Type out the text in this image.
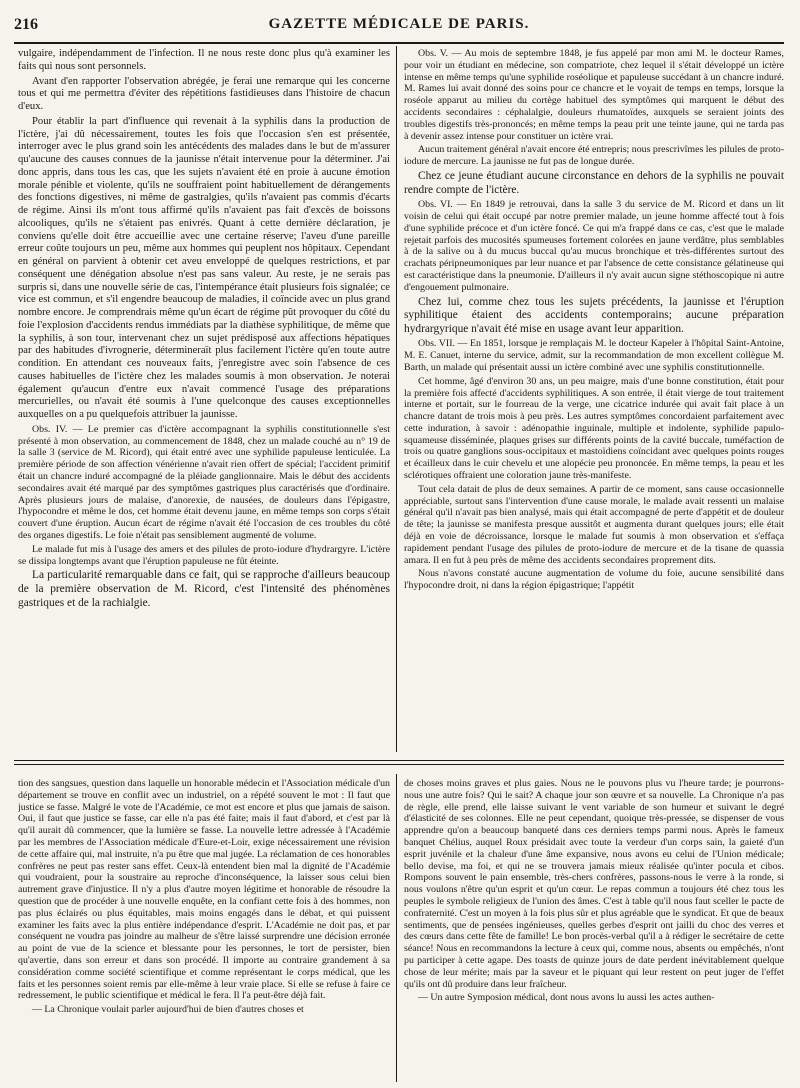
216	GAZETTE MÉDICALE DE PARIS.

vulgaire, indépendamment de l'infection. Il ne nous reste donc plus qu'à examiner les faits qui nous sont personnels.

Avant d'en rapporter l'observation abrégée, je ferai une remarque qui les concerne tous et qui me permettra d'éviter des répétitions fastidieuses dans l'histoire de chacun d'eux.

Pour établir la part d'influence qui revenait à la syphilis dans la production de l'ictère, j'ai dû nécessairement, toutes les fois que l'occasion s'en est présentée, interroger avec le plus grand soin les antécédents des malades dans le but de m'assurer qu'aucune des causes connues de la jaunisse n'était intervenue pour la déterminer. J'ai donc appris, dans tous les cas, que les sujets n'avaient été en proie à aucune émotion morale pénible et violente, qu'ils ne souffraient point habituellement de dérangements des fonctions digestives, ni même de gastralgies, qu'ils n'avaient pas commis d'écarts de régime. Ainsi ils m'ont tous affirmé qu'ils n'avaient pas fait d'excès de boissons alcooliques, qu'ils ne s'étaient pas enivrés. Quant à cette dernière déclaration, je conviens qu'elle doit être accueillie avec une certaine réserve; l'aveu d'une pareille erreur coûte toujours un peu, même aux hommes qui peuplent nos hôpitaux. Cependant en général on parvient à obtenir cet aveu enveloppé de quelques restrictions, et par conséquent une dénégation absolue n'est pas sans valeur. Au reste, je ne serais pas surpris si, dans une nouvelle série de cas, l'intempérance était plusieurs fois signalée; ce vice est commun, et s'il engendre beaucoup de maladies, il coïncide avec un plus grand nombre encore. Je comprendrais même qu'un écart de régime pût provoquer du côté du foie l'explosion d'accidents rendus immédiats par la diathèse syphilitique, de même que la syphilis, à son tour, intervenant chez un sujet prédisposé aux affections hépatiques par des habitudes d'ivrognerie, détermineraït plus facilement l'ictère qu'en toute autre condition. En attendant ces nouveaux faits, j'enregistre avec soin l'absence de ces causes habituelles de l'ictère chez les malades soumis à mon observation. Je noterai également qu'aucun d'entre eux n'avait commencé l'usage des préparations mercurielles, ou n'avait été soumis à l'une quelconque des causes exceptionnelles auxquelles on a pu quelquefois attribuer la jaunisse.

Obs. IV. — Le premier cas d'ictère accompagnant la syphilis constitutionnelle s'est présenté à mon observation, au commencement de 1848, chez un malade couché au n° 19 de la salle 3 (service de M. Ricord), qui était entré avec une syphilide papuleuse lenticulée. La première période de son affection vénérienne n'avait rien offert de spécial; l'accident primitif était un chancre induré accompagné de la pléiade ganglionnaire. Mais le début des accidents secondaires avait été marqué par des symptômes gastriques plus caractérisés que d'ordinaire. Après plusieurs jours de malaise, d'anorexie, de nausées, de douleurs dans l'épigastre, l'hypocondre et même le dos, cet homme était devenu jaune, en même temps son corps s'était couvert d'une éruption. Aucun écart de régime n'avait été l'occasion de ces troubles du côté des organes digestifs. Le foie n'était pas sensiblement augmenté de volume.

Le malade fut mis à l'usage des amers et des pilules de proto-iodure d'hydrargyre. L'ictère se dissipa longtemps avant que l'éruption papuleuse ne fût éteinte.

La particularité remarquable dans ce fait, qui se rapproche d'ailleurs beaucoup de la première observation de M. Ricord, c'est l'intensité des phénomènes gastriques et de la rachialgie.

Obs. V. — Au mois de septembre 1848, je fus appelé par mon ami M. le docteur Rames, pour voir un étudiant en médecine, son compatriote, chez lequel il s'était développé un ictère intense en même temps qu'une syphilide roséolique et papuleuse succédant à un chancre induré. M. Rames lui avait donné des soins pour ce chancre et le voyait de temps en temps, lorsque la roséole apparut au milieu du cortège habituel des symptômes qui marquent le début des accidents secondaires : céphalalgie, douleurs rhumatoïdes, auxquels se seraient joints des troubles digestifs très-prononcés; en même temps la peau prit une teinte jaune, qui ne tarda pas à devenir assez intense pour constituer un ictère vrai.

Aucun traitement général n'avait encore été entrepris; nous prescrivîmes les pilules de proto-iodure de mercure. La jaunisse ne fut pas de longue durée.

Chez ce jeune étudiant aucune circonstance en dehors de la syphilis ne pouvait rendre compte de l'ictère.

Obs. VI. — En 1849 je retrouvai, dans la salle 3 du service de M. Ricord et dans un lit voisin de celui qui était occupé par notre premier malade, un jeune homme affecté tout à fois d'une syphilide précoce et d'un ictère foncé. Ce qui m'a frappé dans ce cas, c'est que le malade rejetait parfois des mucosités spumeuses fortement colorées en jaune verdâtre, plus semblables à de la salive ou à du mucus buccal qu'au mucus bronchique et très-différentes surtout des crachats péripneumoniques par leur nuance et par l'absence de cette consistance gélatineuse qui est caractéristique dans la pneumonie. D'ailleurs il n'y avait aucun signe stéthoscopique ni autre d'engouement pulmonaire.

Chez lui, comme chez tous les sujets précédents, la jaunisse et l'éruption syphilitique étaient des accidents contemporains; aucune préparation hydrargyrique n'avait été mise en usage avant leur apparition.

Obs. VII. — En 1851, lorsque je remplaçais M. le docteur Kapeler à l'hôpital Saint-Antoine, M. E. Canuet, interne du service, admit, sur la recommandation de mon excellent collègue M. Barth, un malade qui présentait aussi un ictère combiné avec une syphilis constitutionnelle.

Cet homme, âgé d'environ 30 ans, un peu maigre, mais d'une bonne constitution, était pour la première fois affecté d'accidents syphilitiques. A son entrée, il était vierge de tout traitement interne et portait, sur le fourreau de la verge, une cicatrice indurée qui avait fait place à un chancre datant de trois mois à peu près. Les autres symptômes concordaient parfaitement avec cette induration, à savoir : adénopathie inguinale, multiple et indolente, syphilide papulo-squameuse disséminée, plaques grises sur différents points de la cavité buccale, tuméfaction de trois ou quatre ganglions sous-occipitaux et mastoïdiens coïncidant avec quelques points rouges et écailleux dans le cuir chevelu et une alopécie peu prononcée. En même temps, la peau et les sclérotiques offraient une coloration jaune très-manifeste.

Tout cela datait de plus de deux semaines. A partir de ce moment, sans cause occasionnelle appréciable, surtout sans l'intervention d'une cause morale, le malade avait ressenti un malaise général qu'il n'avait pas bien analysé, mais qui était accompagné de perte d'appétit et de douleur de tête; la jaunisse se manifesta presque aussitôt et augmenta durant quelques jours; elle était déjà en voie de décroissance, lorsque le malade fut soumis à mon observation et s'effaça rapidement pendant l'usage des pilules de proto-iodure de mercure et de la tisane de quassia amara. Il en fut à peu près de même des accidents secondaires proprement dits.

Nous n'avons constaté aucune augmentation de volume du foie, aucune sensibilité dans l'hypocondre droit, ni dans la région épigastrique; l'appétit

tion des sangsues, question dans laquelle un honorable médecin et l'Association médicale d'un département se trouve en conflit avec un industriel, on a répété souvent le mot : Il faut que justice se fasse. Malgré le vote de l'Académie, ce mot est encore et plus que jamais de saison. Oui, il faut que justice se fasse, car elle n'a pas été faite; mais il faut d'abord, et c'est par là qu'il aurait dû commencer, que la lumière se fasse. La nouvelle lettre adressée à l'Académie par les membres de l'Association médicale d'Eure-et-Loir, exige nécessairement une révision de cette affaire qui, mal instruite, n'a pu être que mal jugée. La réclamation de ces honorables confrères ne peut pas rester sans effet. Ceux-là entendent bien mal la dignité de l'Académie qui voudraient, pour la soustraire au reproche d'inconséquence, la laisser sous celui bien autrement grave d'injustice. Il n'y a plus d'autre moyen légitime et honorable de résoudre la question que de procéder à une nouvelle enquête, en la confiant cette fois à des hommes, non pas plus éclairés ou plus équitables, mais moins engagés dans le débat, et qui puissent examiner les faits avec la plus entière indépendance d'esprit. L'Académie ne doit pas, et par conséquent ne voudra pas joindre au malheur de s'être laissé surprendre une décision erronée au point de vue de la science et blessante pour les personnes, le tort de persister, bien qu'avertie, dans son erreur et dans son procédé. Il importe au contraire grandement à sa considération comme société scientifique et comme représentant le corps médical, que les faits et les personnes soient remis par elle-même à leur vraie place. Si elle se refuse à faire ce redressement, le public scientifique et médical le fera. Il l'a peut-être déjà fait.

— La Chronique voulait parler aujourd'hui de bien d'autres choses et

de choses moins graves et plus gaies. Nous ne le pouvons plus vu l'heure tarde; je pourrons-nous une autre fois? Qui le sait? A chaque jour son œuvre et sa nouvelle. La Chronique n'a pas de règle, elle prend, elle laisse suivant le vent variable de son humeur et suivant le degré d'élasticité de ses colonnes. Elle ne peut cependant, quoique très-pressée, se dispenser de vous apprendre qu'on a beaucoup banqueté dans ces derniers temps parmi nous. Après le fameux banquet Chélius, auquel Roux présidait avec toute la verdeur d'un corps sain, la gaieté d'un esprit juvénile et la chaleur d'une âme expansive, nous avons eu celui de l'Union médicale; bello devise, ma foi, et qui ne se trouvera jamais mieux réalisée qu'inter pocula et cibos. Rompons souvent le pain ensemble, très-chers confrères, passons-nous le verre à la ronde, si nous voulons n'être qu'un esprit et qu'un cœur. Le repas commun a toujours été chez tous les peuples le symbole religieux de l'union des âmes. C'est à table qu'il nous faut sceller le pacte de confraternité. C'est un moyen à la fois plus sûr et plus agréable que le syndicat. Et que de beaux sentiments, que de pensées ingénieuses, quelles gerbes d'esprit ont jailli du choc des verres et des cœurs dans cette fête de famille! Le bon procès-verbal qu'il a à rédiger le secrétaire de cette séance! Nous en recommandons la lecture à ceux qui, comme nous, absents ou empêchés, n'ont pu participer à cette agape. Des toasts de quinze jours de date perdent inévitablement quelque chose de leur mérite; mais par la saveur et le piquant qui leur restent on peut juger de l'effet qu'ils ont dû produire dans leur fraîcheur.

— Un autre Symposion médical, dont nous avons lu aussi les actes authen-
